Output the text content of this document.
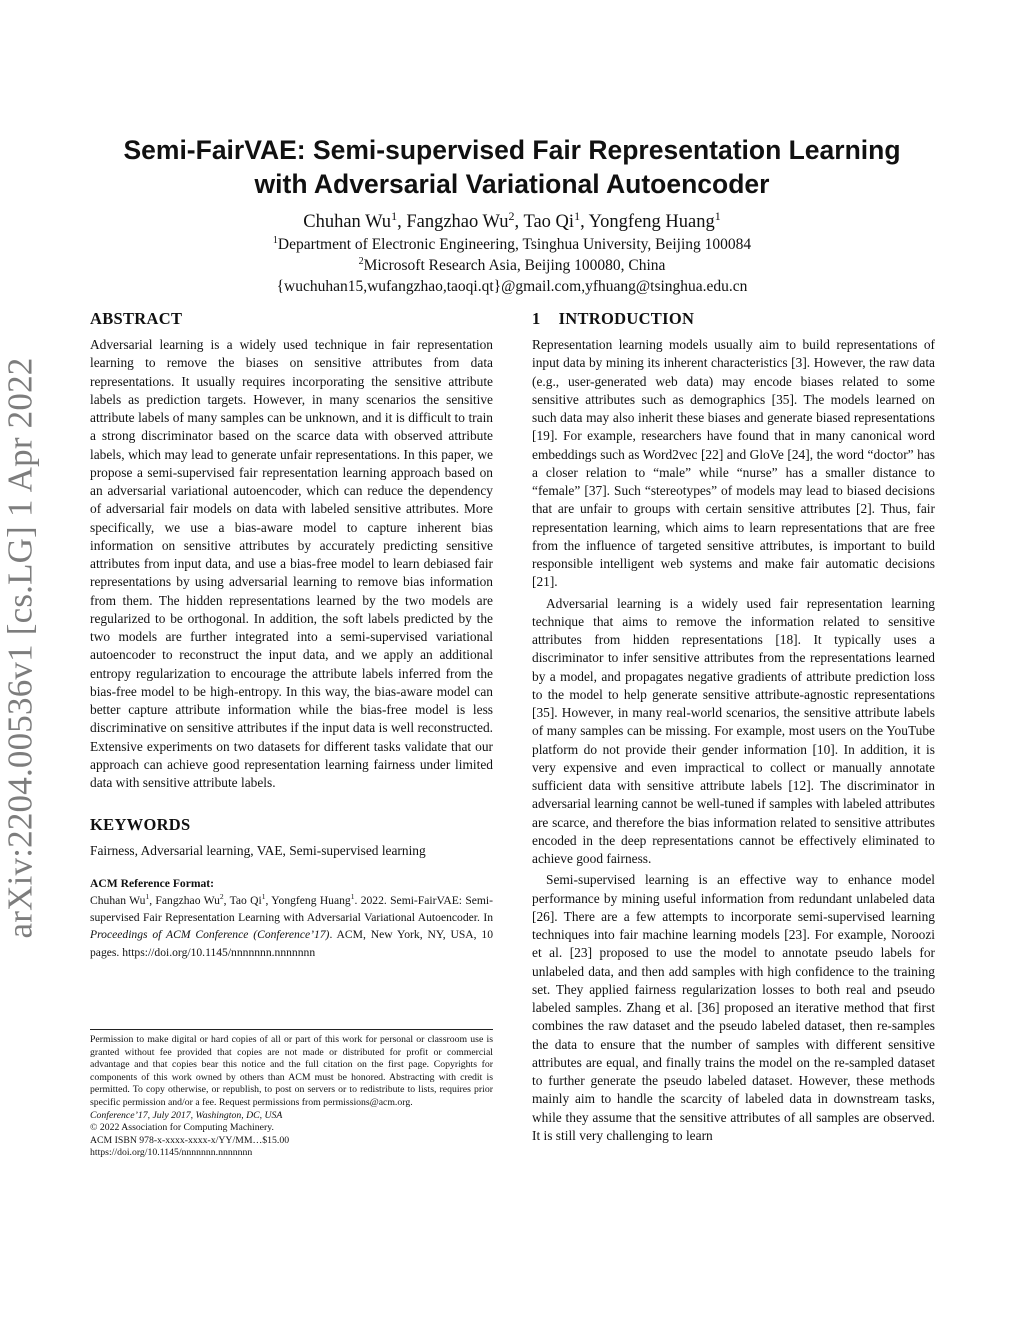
arXiv:2204.00536v1 [cs.LG] 1 Apr 2022
Semi-FairVAE: Semi-supervised Fair Representation Learning
with Adversarial Variational Autoencoder
Chuhan Wu$^1$, Fangzhao Wu$^2$, Tao Qi$^1$, Yongfeng Huang$^1$
$^1$Department of Electronic Engineering, Tsinghua University, Beijing 100084
$^2$Microsoft Research Asia, Beijing 100080, China
{wuchuhan15,wufangzhao,taoqi.qt}@gmail.com,yfhuang@tsinghua.edu.cn
ABSTRACT

Adversarial learning is a widely used technique in fair representation learning to remove the biases on sensitive attributes from data representations. It usually requires incorporating the sensitive attribute labels as prediction targets. However, in many scenarios the sensitive attribute labels of many samples can be unknown, and it is difficult to train a strong discriminator based on the scarce data with observed attribute labels, which may lead to generate unfair representations. In this paper, we propose a semi-supervised fair representation learning approach based on an adversarial variational autoencoder, which can reduce the dependency of adversarial fair models on data with labeled sensitive attributes. More specifically, we use a bias-aware model to capture inherent bias information on sensitive attributes by accurately predicting sensitive attributes from input data, and use a bias-free model to learn debiased fair representations by using adversarial learning to remove bias information from them. The hidden representations learned by the two models are regularized to be orthogonal. In addition, the soft labels predicted by the two models are further integrated into a semi-supervised variational autoencoder to reconstruct the input data, and we apply an additional entropy regularization to encourage the attribute labels inferred from the bias-free model to be high-entropy. In this way, the bias-aware model can better capture attribute information while the bias-free model is less discriminative on sensitive attributes if the input data is well reconstructed. Extensive experiments on two datasets for different tasks validate that our approach can achieve good representation learning fairness under limited data with sensitive attribute labels.

KEYWORDS

Fairness, Adversarial learning, VAE, Semi-supervised learning

ACM Reference Format:
Chuhan Wu$^1$, Fangzhao Wu$^2$, Tao Qi$^1$, Yongfeng Huang$^1$. 2022. Semi-FairVAE: Semi-supervised Fair Representation Learning with Adversarial Variational Autoencoder. In Proceedings of ACM Conference (Conference’17). ACM, New York, NY, USA, 10 pages. https://doi.org/10.1145/nnnnnnn.nnnnnnn

Permission to make digital or hard copies of all or part of this work for personal or classroom use is granted without fee provided that copies are not made or distributed for profit or commercial advantage and that copies bear this notice and the full citation on the first page. Copyrights for components of this work owned by others than ACM must be honored. Abstracting with credit is permitted. To copy otherwise, or republish, to post on servers or to redistribute to lists, requires prior specific permission and/or a fee. Request permissions from permissions@acm.org.

Conference’17, July 2017, Washington, DC, USA

© 2022 Association for Computing Machinery.

ACM ISBN 978-x-xxxx-xxxx-x/YY/MM…$15.00

https://doi.org/10.1145/nnnnnnn.nnnnnnn

1 INTRODUCTION

Representation learning models usually aim to build representations of input data by mining its inherent characteristics [3]. However, the raw data (e.g., user-generated web data) may encode biases related to some sensitive attributes such as demographics [35]. The models learned on such data may also inherit these biases and generate biased representations [19]. For example, researchers have found that in many canonical word embeddings such as Word2vec [22] and GloVe [24], the word “doctor” has a closer relation to “male” while “nurse” has a smaller distance to “female” [37]. Such “stereotypes” of models may lead to biased decisions that are unfair to groups with certain sensitive attributes [2]. Thus, fair representation learning, which aims to learn representations that are free from the influence of targeted sensitive attributes, is important to build responsible intelligent web systems and make fair automatic decisions [21].

Adversarial learning is a widely used fair representation learning technique that aims to remove the information related to sensitive attributes from hidden representations [18]. It typically uses a discriminator to infer sensitive attributes from the representations learned by a model, and propagates negative gradients of attribute prediction loss to the model to help generate sensitive attribute-agnostic representations [35]. However, in many real-world scenarios, the sensitive attribute labels of many samples can be missing. For example, most users on the YouTube platform do not provide their gender information [10]. In addition, it is very expensive and even impractical to collect or manually annotate sufficient data with sensitive attribute labels [12]. The discriminator in adversarial learning cannot be well-tuned if samples with labeled attributes are scarce, and therefore the bias information related to sensitive attributes encoded in the deep representations cannot be effectively eliminated to achieve good fairness.

Semi-supervised learning is an effective way to enhance model performance by mining useful information from redundant unlabeled data [26]. There are a few attempts to incorporate semi-supervised learning techniques into fair machine learning models [23]. For example, Noroozi et al. [23] proposed to use the model to annotate pseudo labels for unlabeled data, and then add samples with high confidence to the training set. They applied fairness regularization losses to both real and pseudo labeled samples. Zhang et al. [36] proposed an iterative method that first combines the raw dataset and the pseudo labeled dataset, then re-samples the data to ensure that the number of samples with different sensitive attributes are equal, and finally trains the model on the re-sampled dataset to further generate the pseudo labeled dataset. However, these methods mainly aim to handle the scarcity of labeled data in downstream tasks, while they assume that the sensitive attributes of all samples are observed. It is still very challenging to learn
